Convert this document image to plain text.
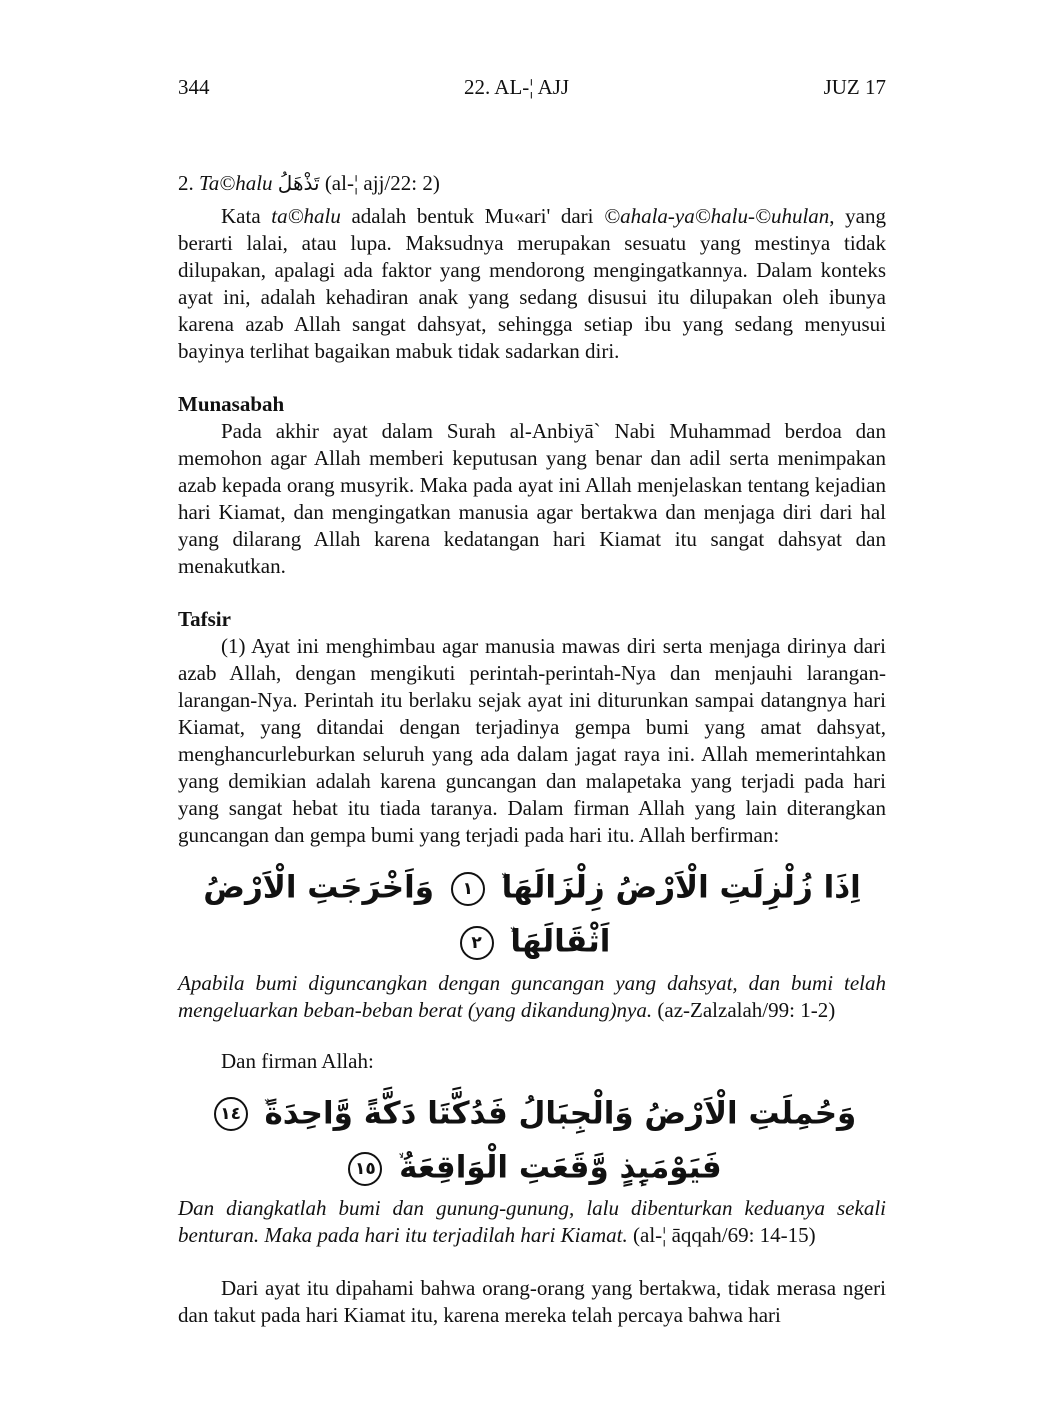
344	22. AL-¦ AJJ	JUZ 17

2. Ta©halu تَذْهَلُ (al-¦ ajj/22: 2)

Kata ta©halu adalah bentuk Mu«ari' dari ©ahala-ya©halu-©uhulan, yang berarti lalai, atau lupa. Maksudnya merupakan sesuatu yang mestinya tidak dilupakan, apalagi ada faktor yang mendorong mengingatkannya. Dalam konteks ayat ini, adalah kehadiran anak yang sedang disusui itu dilupakan oleh ibunya karena azab Allah sangat dahsyat, sehingga setiap ibu yang sedang menyusui bayinya terlihat bagaikan mabuk tidak sadarkan diri.

Munasabah

Pada akhir ayat dalam Surah al-Anbiyā` Nabi Muhammad berdoa dan memohon agar Allah memberi keputusan yang benar dan adil serta menimpakan azab kepada orang musyrik. Maka pada ayat ini Allah menjelaskan tentang kejadian hari Kiamat, dan mengingatkan manusia agar bertakwa dan menjaga diri dari hal yang dilarang Allah karena kedatangan hari Kiamat itu sangat dahsyat dan menakutkan.

Tafsir

(1) Ayat ini menghimbau agar manusia mawas diri serta menjaga dirinya dari azab Allah, dengan mengikuti perintah-perintah-Nya dan menjauhi larangan-larangan-Nya. Perintah itu berlaku sejak ayat ini diturunkan sampai datangnya hari Kiamat, yang ditandai dengan terjadinya gempa bumi yang amat dahsyat, menghancurleburkan seluruh yang ada dalam jagat raya ini. Allah memerintahkan yang demikian adalah karena guncangan dan malapetaka yang terjadi pada hari yang sangat hebat itu tiada taranya. Dalam firman Allah yang lain diterangkan guncangan dan gempa bumi yang terjadi pada hari itu. Allah berfirman:

اِذَا زُلْزِلَتِ الْاَرْضُ زِلْزَالَهَا ١ وَاَخْرَجَتِ الْاَرْضُ اَثْقَالَهَا ٢

Apabila bumi diguncangkan dengan guncangan yang dahsyat, dan bumi telah mengeluarkan beban-beban berat (yang dikandung)nya. (az-Zalzalah/99: 1-2)

Dan firman Allah:

وَحُمِلَتِ الْاَرْضُ وَالْجِبَالُ فَدُكَّتَا دَكَّةً وَّاحِدَةً ١٤ فَيَوْمَىِٕذٍ وَّقَعَتِ الْوَاقِعَةُ ١٥

Dan diangkatlah bumi dan gunung-gunung, lalu dibenturkan keduanya sekali benturan. Maka pada hari itu terjadilah hari Kiamat. (al-¦ āqqah/69: 14-15)

Dari ayat itu dipahami bahwa orang-orang yang bertakwa, tidak merasa ngeri dan takut pada hari Kiamat itu, karena mereka telah percaya bahwa hari
